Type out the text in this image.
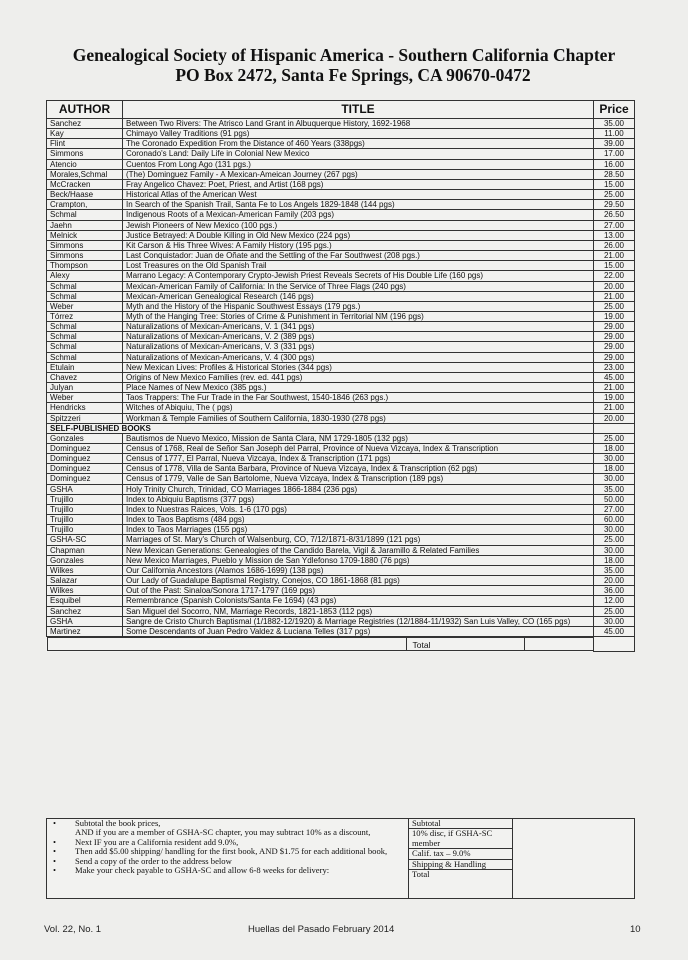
Genealogical Society of Hispanic America - Southern California Chapter
PO Box 2472, Santa Fe Springs, CA 90670-0472
AUTHOR	TITLE	Price
Sanchez	Between Two Rivers: The Atrisco Land Grant in Albuquerque History, 1692-1968	35.00
Kay	Chimayo Valley Traditions (91 pgs)	11.00
Flint	The Coronado Expedition From the Distance of 460 Years (338pgs)	39.00
Simmons	Coronado's Land: Daily Life in Colonial New Mexico	17.00
Atencio	Cuentos From Long Ago (131 pgs.)	16.00
Morales,Schmal	(The) Dominguez Family - A Mexican-Ameican Journey (267 pgs)	28.50
McCracken	Fray Angelico Chavez: Poet, Priest, and Artist (168 pgs)	15.00
Beck/Haase	Historical Atlas of the American West	25.00
Crampton,	In Search of the Spanish Trail, Santa Fe to Los Angels 1829-1848 (144 pgs)	29.50
Schmal	Indigenous Roots of a Mexican-American Family (203 pgs)	26.50
Jaehn	Jewish Pioneers of New Mexico (100 pgs.)	27.00
Melnick	Justice Betrayed: A Double Killing in Old New Mexico (224 pgs)	13.00
Simmons	Kit Carson & His Three Wives: A Family History (195 pgs.)	26.00
Simmons	Last Conquistador: Juan de Oñate and the Settling of the Far Southwest (208 pgs.)	21.00
Thompson	Lost Treasures on the Old Spanish Trail	15.00
Alexy	Marrano Legacy: A Contemporary Crypto-Jewish Priest Reveals Secrets of His Double Life (160 pgs)	22.00
Schmal	Mexican-American Family of California: In the Service of Three Flags (240 pgs)	20.00
Schmal	Mexican-American Genealogical Research (146 pgs)	21.00
Weber	Myth and the History of the Hispanic Southwest Essays (179 pgs.)	25.00
Tórrez	Myth of the Hanging Tree: Stories of Crime & Punishment in Territorial NM (196 pgs)	19.00
Schmal	Naturalizations of Mexican-Americans, V. 1 (341 pgs)	29.00
Schmal	Naturalizations of Mexican-Americans, V. 2 (389 pgs)	29.00
Schmal	Naturalizations of Mexican-Americans, V. 3 (331 pgs)	29.00
Schmal	Naturalizations of Mexican-Americans, V. 4 (300 pgs)	29.00
Etulain	New Mexican Lives: Profiles & Historical Stories (344 pgs)	23.00
Chavez	Origins of New Mexico Families (rev. ed. 441 pgs)	45.00
Julyan	Place Names of New Mexico (385 pgs.)	21.00
Weber	Taos Trappers: The Fur Trade in the Far Southwest, 1540-1846 (263 pgs.)	19.00
Hendricks	Witches of Abiquiu, The ( pgs)	21.00
Spitzzeri	Workman & Temple Families of Southern California, 1830-1930 (278 pgs)	20.00
SELF-PUBLISHED BOOKS		
Gonzales	Bautismos de Nuevo Mexico, Mission de Santa Clara, NM 1729-1805 (132 pgs)	25.00
Dominguez	Census of 1768, Real de Señor San Joseph del Parral, Province of Nueva Vizcaya, Index & Transcription	18.00
Dominguez	Census of 1777, El Parral, Nueva Vizcaya, Index & Transcription (171 pgs)	30.00
Dominguez	Census of 1778, Villa de Santa Barbara, Province of Nueva Vizcaya, Index & Transcription (62 pgs)	18.00
Dominguez	Census of 1779, Valle de San Bartolome, Nueva Vizcaya, Index & Transcription (189 pgs)	30.00
GSHA	Holy Trinity Church, Trinidad, CO Marriages 1866-1884 (236 pgs)	35.00
Trujillo	Index to Abiquiu Baptisms (377 pgs)	50.00
Trujillo	Index to Nuestras Raices, Vols. 1-6 (170 pgs)	27.00
Trujillo	Index to Taos Baptisms (484 pgs)	60.00
Trujillo	Index to Taos Marriages (155 pgs)	30.00
GSHA-SC	Marriages of St. Mary's Church of Walsenburg, CO, 7/12/1871-8/31/1899 (121 pgs)	25.00
Chapman	New Mexican Generations: Genealogies of the Candido Barela, Vigil & Jaramillo & Related Families	30.00
Gonzales	New Mexico Marriages, Pueblo y Mission de San Ydlefonso 1709-1880 (76 pgs)	18.00
Wilkes	Our California Ancestors (Alamos 1686-1699) (138 pgs)	35.00
Salazar	Our Lady of Guadalupe Baptismal Registry, Conejos, CO 1861-1868 (81 pgs)	20.00
Wilkes	Out of the Past: Sinaloa/Sonora 1717-1797 (169 pgs)	36.00
Esquibel	Remembrance (Spanish Colonists/Santa Fe 1694) (43 pgs)	12.00
Sanchez	San Miguel del Socorro, NM, Marriage Records, 1821-1853 (112 pgs)	25.00
GSHA	Sangre de Cristo Church Baptismal (1/1882-12/1920) & Marriage Registries (12/1884-11/1932) San Luis Valley, CO (165 pgs)	30.00
Martinez	Some Descendants of Juan Pedro Valdez & Luciana Telles (317 pgs)	45.00

Total		

• Subtotal the book prices,
AND if you are a member of GSHA-SC chapter, you may subtract 10% as a discount,
• Next IF you are a California resident add 9.0%,
• Then add $5.00 shipping/ handling for the first book, AND $1.75 for each additional book,
• Send a copy of the order to the address below
• Make your check payable to GSHA-SC and allow 6-8 weeks for delivery:

Subtotal
10% disc, if GSHA-SC member
Calif. tax – 9.0%
Shipping & Handling
Total

Vol. 22, No. 1	Huellas del Pasado February 2014	10
